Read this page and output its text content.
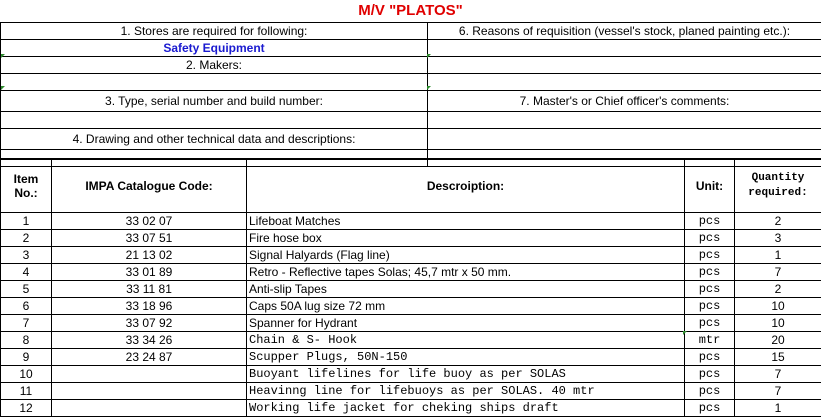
M/V "PLATOS"
1. Stores are required for following:	6. Reasons of requisition (vessel's stock, planed painting etc.):
Safety Equipment	
2. Makers:	

3. Type, serial number and build number:	7. Master's or Chief officer's comments:

4. Drawing and other technical data and descriptions:	

Item No.:	IMPA Catalogue Code:	Descroiption:	Unit:	Quantity required:
1	33 02 07	Lifeboat Matches	pcs	2
2	33 07 51	Fire hose box	pcs	3
3	21 13 02	Signal Halyards (Flag line)	pcs	1
4	33 01 89	Retro - Reflective tapes Solas; 45,7 mtr x 50 mm.	pcs	7
5	33 11 81	Anti-slip Tapes	pcs	2
6	33 18 96	Caps 50A lug size 72 mm	pcs	10
7	33 07 92	Spanner for Hydrant	pcs	10
8	33 34 26	Chain & S- Hook	mtr	20
9	23 24 87	Scupper Plugs, 50N-150	pcs	15
10		Buoyant lifelines for life buoy as per SOLAS	pcs	7
11		Heavinng line for lifebuoys as per SOLAS. 40 mtr	pcs	7
12		Working life jacket for cheking ships draft	pcs	1
